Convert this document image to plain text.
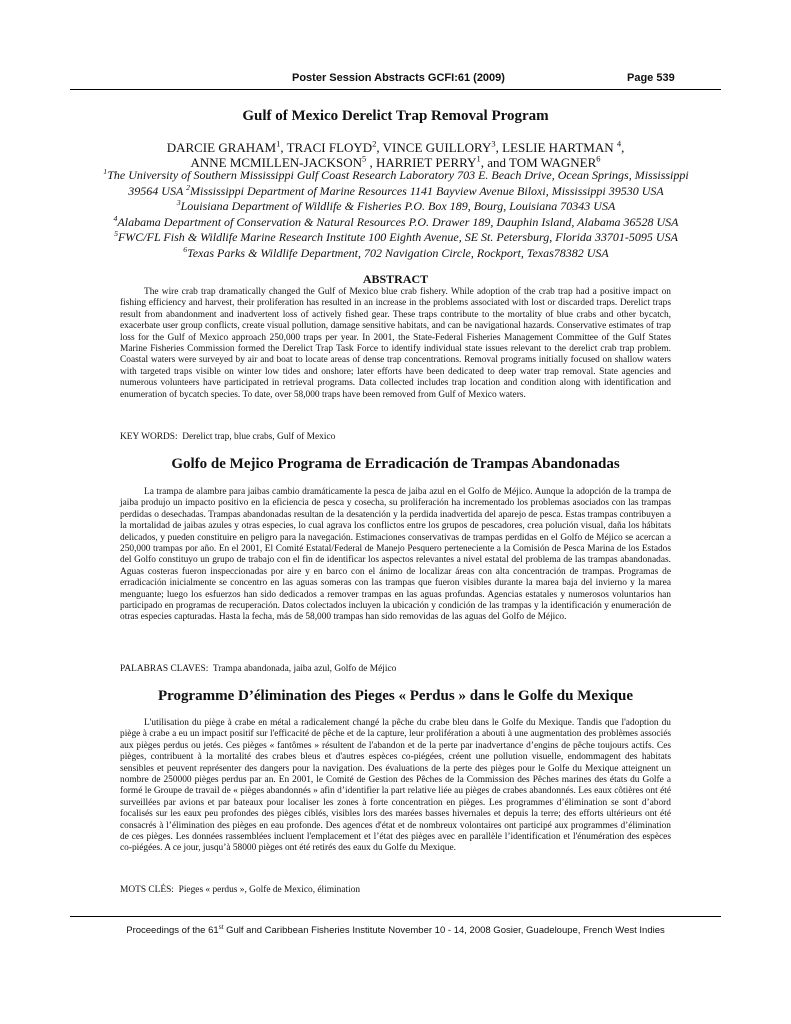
Poster Session Abstracts GCFI:61 (2009)	Page 539
Gulf of Mexico Derelict Trap Removal Program
DARCIE GRAHAM$^1$, TRACI FLOYD$^2$, VINCE GUILLORY$^3$, LESLIE HARTMAN $^4$,
ANNE MCMILLEN-JACKSON$^5$ , HARRIET PERRY$^1$, and TOM WAGNER$^6$
$^1$The University of Southern Mississippi Gulf Coast Research Laboratory 703 E. Beach Drive, Ocean Springs, Mississippi 39564 USA $^2$Mississippi Department of Marine Resources 1141 Bayview Avenue Biloxi, Mississippi 39530 USA
$^3$Louisiana Department of Wildlife & Fisheries P.O. Box 189, Bourg, Louisiana 70343 USA
$^4$Alabama Department of Conservation & Natural Resources P.O. Drawer 189, Dauphin Island, Alabama 36528 USA
$^5$FWC/FL Fish & Wildlife Marine Research Institute 100 Eighth Avenue, SE St. Petersburg, Florida 33701-5095 USA
$^6$Texas Parks & Wildlife Department, 702 Navigation Circle, Rockport, Texas78382 USA
ABSTRACT

The wire crab trap dramatically changed the Gulf of Mexico blue crab fishery. While adoption of the crab trap had a positive impact on fishing efficiency and harvest, their proliferation has resulted in an increase in the problems associated with lost or discarded traps. Derelict traps result from abandonment and inadvertent loss of actively fished gear. These traps contribute to the mortality of blue crabs and other bycatch, exacerbate user group conflicts, create visual pollution, damage sensitive habitats, and can be navigational hazards. Conservative estimates of trap loss for the Gulf of Mexico approach 250,000 traps per year. In 2001, the State-Federal Fisheries Management Committee of the Gulf States Marine Fisheries Commission formed the Derelict Trap Task Force to identify individual state issues relevant to the derelict crab trap problem. Coastal waters were surveyed by air and boat to locate areas of dense trap concentrations. Removal programs initially focused on shallow waters with targeted traps visible on winter low tides and onshore; later efforts have been dedicated to deep water trap removal. State agencies and numerous volunteers have participated in retrieval programs. Data collected includes trap location and condition along with identification and enumeration of bycatch species. To date, over 58,000 traps have been removed from Gulf of Mexico waters.

KEY WORDS: Derelict trap, blue crabs, Gulf of Mexico
Golfo de Mejico Programa de Erradicación de Trampas Abandonadas

La trampa de alambre para jaibas cambio dramáticamente la pesca de jaiba azul en el Golfo de Méjico. Aunque la adopción de la trampa de jaiba produjo un impacto positivo en la eficiencia de pesca y cosecha, su proliferación ha incrementado los problemas asociados con las trampas perdidas o desechadas. Trampas abandonadas resultan de la desatención y la perdida inadvertida del aparejo de pesca. Estas trampas contribuyen a la mortalidad de jaibas azules y otras especies, lo cual agrava los conflictos entre los grupos de pescadores, crea polución visual, daña los hábitats delicados, y pueden constituire en peligro para la navegación. Estimaciones conservativas de trampas perdidas en el Golfo de Méjico se acercan a 250,000 trampas por año. En el 2001, El Comité Estatal/Federal de Manejo Pesquero perteneciente a la Comisión de Pesca Marina de los Estados del Golfo constituyo un grupo de trabajo con el fin de identificar los aspectos relevantes a nivel estatal del problema de las trampas abandonadas. Aguas costeras fueron inspeccionadas por aire y en barco con el ánimo de localizar áreas con alta concentración de trampas. Programas de erradicación inicialmente se concentro en las aguas someras con las trampas que fueron visibles durante la marea baja del invierno y la marea menguante; luego los esfuerzos han sido dedicados a remover trampas en las aguas profundas. Agencias estatales y numerosos voluntarios han participado en programas de recuperación. Datos colectados incluyen la ubicación y condición de las trampas y la identificación y enumeración de otras especies capturadas. Hasta la fecha, más de 58,000 trampas han sido removidas de las aguas del Golfo de Méjico.

PALABRAS CLAVES: Trampa abandonada, jaiba azul, Golfo de Méjico
Programme D’élimination des Pieges « Perdus » dans le Golfe du Mexique

L'utilisation du piège à crabe en métal a radicalement changé la pêche du crabe bleu dans le Golfe du Mexique. Tandis que l'adoption du piège à crabe a eu un impact positif sur l'efficacité de pêche et de la capture, leur prolifération a abouti à une augmentation des problèmes associés aux pièges perdus ou jetés. Ces pièges « fantômes » résultent de l'abandon et de la perte par inadvertance d’engins de pêche toujours actifs. Ces pièges, contribuent à la mortalité des crabes bleus et d'autres espèces co-piégées, créent une pollution visuelle, endommagent des habitats sensibles et peuvent représenter des dangers pour la navigation. Des évaluations de la perte des pièges pour le Golfe du Mexique atteignent un nombre de 250000 pièges perdus par an. En 2001, le Comité de Gestion des Pêches de la Commission des Pêches marines des états du Golfe a formé le Groupe de travail de « pièges abandonnés » afin d’identifier la part relative liée au pièges de crabes abandonnés. Les eaux côtières ont été surveillées par avions et par bateaux pour localiser les zones à forte concentration en pièges. Les programmes d’élimination se sont d’abord focalisés sur les eaux peu profondes des pièges ciblés, visibles lors des marées basses hivernales et depuis la terre; des efforts ultérieurs ont été consacrés à l’élimination des pièges en eau profonde. Des agences d'état et de nombreux volontaires ont participé aux programmes d’élimination de ces pièges. Les données rassemblées incluent l'emplacement et l’état des pièges avec en parallèle l’identification et l'énumération des espèces co-piégées. A ce jour, jusqu’à 58000 pièges ont été retirés des eaux du Golfe du Mexique.

MOTS CLÉS: Pieges « perdus », Golfe de Mexico, élimination
Proceedings of the 61st Gulf and Caribbean Fisheries Institute November 10 - 14, 2008 Gosier, Guadeloupe, French West Indies
